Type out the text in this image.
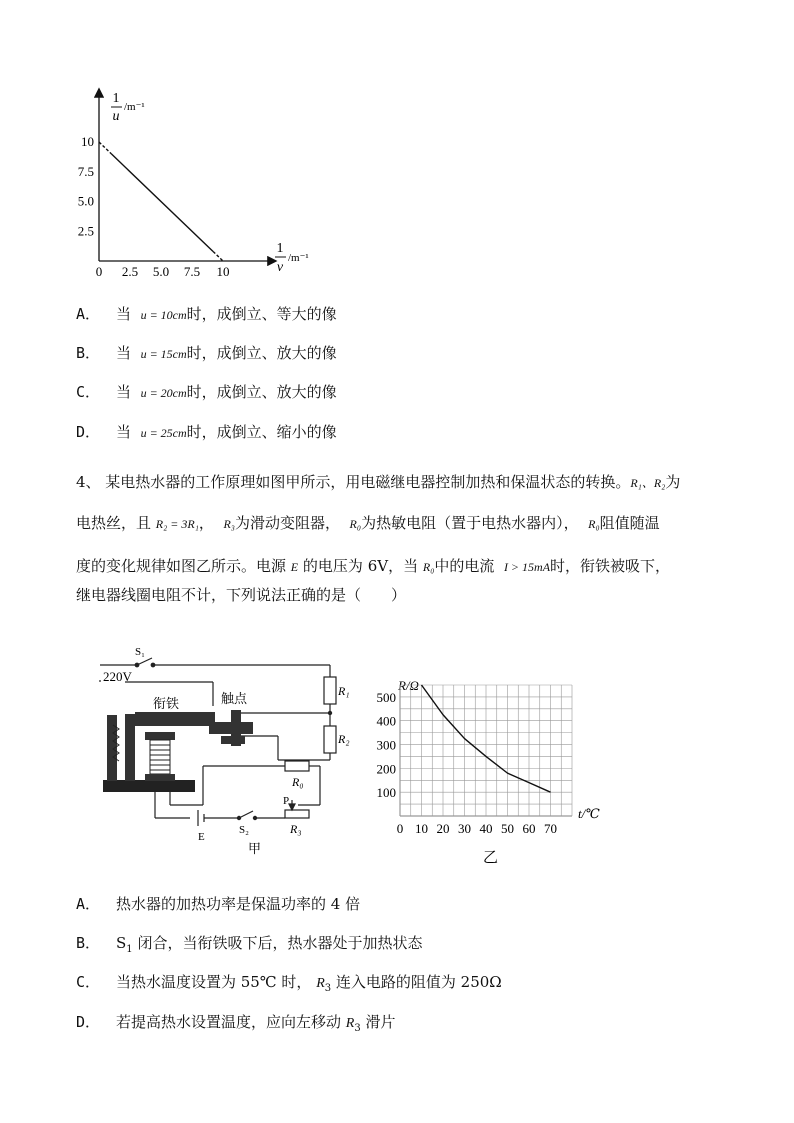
1
u
/m⁻¹
1
v
/m⁻¹
10
7.5
5.0
2.5
0 2.5 5.0 7.5 10
A． 当 u = 10cm时，成倒立、等大的像
B． 当 u = 15cm时，成倒立、放大的像
C． 当 u = 20cm时，成倒立、放大的像
D． 当 u = 25cm时，成倒立、缩小的像
4、 某电热水器的工作原理如图甲所示，用电磁继电器控制加热和保温状态的转换。R₁、R₂为
电热丝，且 R₂ = 3R₁， R₃为滑动变阻器， R₀为热敏电阻（置于电热水器内）， R₀阻值随温
度的变化规律如图乙所示。电源 E 的电压为 6V，当 R₀中的电流 I > 15mA时，衔铁被吸下，
继电器线圈电阻不计，下列说法正确的是（　　）
S₁
220V
衔铁	触点
R₁
R₂
R₀
P
R₃
E
S₂
甲
R/Ω
t/℃
500
400
300
200
100
0 10 20 30 40 50 60 70
乙
A． 热水器的加热功率是保温功率的 4 倍
B． $S_1$ 闭合，当衔铁吸下后，热水器处于加热状态
C． 当热水温度设置为 55℃ 时， $R_3$ 连入电路的阻值为 250Ω
D． 若提高热水设置温度，应向左移动 $R_3$ 滑片
